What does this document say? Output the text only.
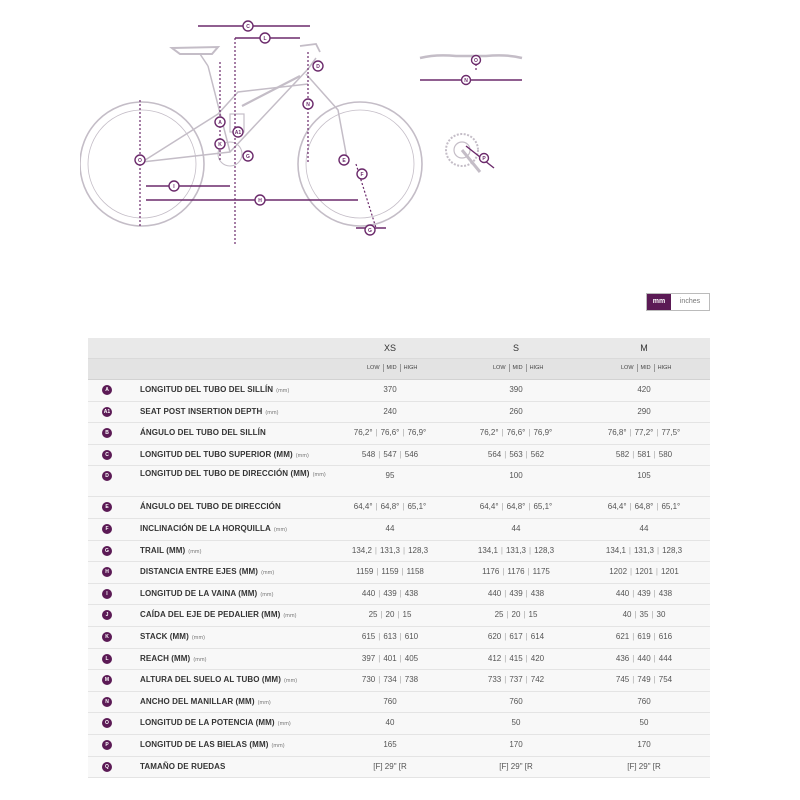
C
L
A
D
N
K
A1
G
O
I
E
F
H
G
O
N
P
mm	inches
XS	S	M
LOW	MID	HIGH	LOW	MID	HIGH	LOW	MID	HIGH
A	LONGITUD DEL TUBO DEL SILLÍN (mm)	370	390	420
A1	SEAT POST INSERTION DEPTH (mm)	240	260	290
B	ÁNGULO DEL TUBO DEL SILLÍN	76,2° | 76,6° | 76,9°	76,2° | 76,6° | 76,9°	76,8° | 77,2° | 77,5°
C	LONGITUD DEL TUBO SUPERIOR (MM) (mm)	548 | 547 | 546	564 | 563 | 562	582 | 581 | 580
D	LONGITUD DEL TUBO DE DIRECCIÓN (MM) (mm)	95	100	105
E	ÁNGULO DEL TUBO DE DIRECCIÓN	64,4° | 64,8° | 65,1°	64,4° | 64,8° | 65,1°	64,4° | 64,8° | 65,1°
F	INCLINACIÓN DE LA HORQUILLA (mm)	44	44	44
G	TRAIL (MM) (mm)	134,2 | 131,3 | 128,3	134,1 | 131,3 | 128,3	134,1 | 131,3 | 128,3
H	DISTANCIA ENTRE EJES (MM) (mm)	1159 | 1159 | 1158	1176 | 1176 | 1175	1202 | 1201 | 1201
I	LONGITUD DE LA VAINA (MM) (mm)	440 | 439 | 438	440 | 439 | 438	440 | 439 | 438
J	CAÍDA DEL EJE DE PEDALIER (MM) (mm)	25 | 20 | 15	25 | 20 | 15	40 | 35 | 30
K	STACK (MM) (mm)	615 | 613 | 610	620 | 617 | 614	621 | 619 | 616
L	REACH (MM) (mm)	397 | 401 | 405	412 | 415 | 420	436 | 440 | 444
M	ALTURA DEL SUELO AL TUBO (MM) (mm)	730 | 734 | 738	733 | 737 | 742	745 | 749 | 754
N	ANCHO DEL MANILLAR (MM) (mm)	760	760	760
O	LONGITUD DE LA POTENCIA (MM) (mm)	40	50	50
P	LONGITUD DE LAS BIELAS (MM) (mm)	165	170	170
Q	TAMAÑO DE RUEDAS	[F] 29" [R	[F] 29" [R	[F] 29" [R
